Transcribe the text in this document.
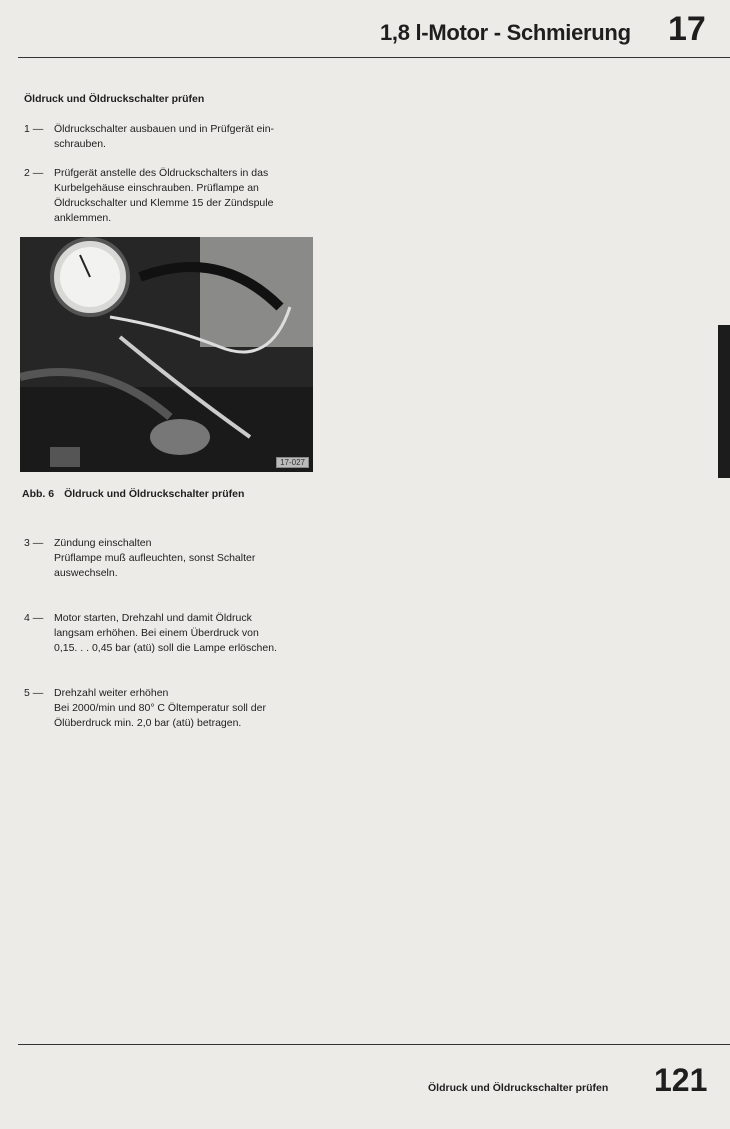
1,8 l-Motor - Schmierung 17
Öldruck und Öldruckschalter prüfen
1 —	Öldruckschalter ausbauen und in Prüfgerät ein-
schrauben.
2 —	Prüfgerät anstelle des Öldruckschalters in das
Kurbelgehäuse einschrauben. Prüflampe an
Öldruckschalter und Klemme 15 der Zündspule
anklemmen.
17-027
Abb. 6 Öldruck und Öldruckschalter prüfen
3 —	Zündung einschalten
Prüflampe muß aufleuchten, sonst Schalter
auswechseln.
4 —	Motor starten, Drehzahl und damit Öldruck
langsam erhöhen. Bei einem Überdruck von
0,15. . . 0,45 bar (atü) soll die Lampe erlöschen.
5 —	Drehzahl weiter erhöhen
Bei 2000/min und 80° C Öltemperatur soll der
Ölüberdruck min. 2,0 bar (atü) betragen.
Öldruck und Öldruckschalter prüfen 121
